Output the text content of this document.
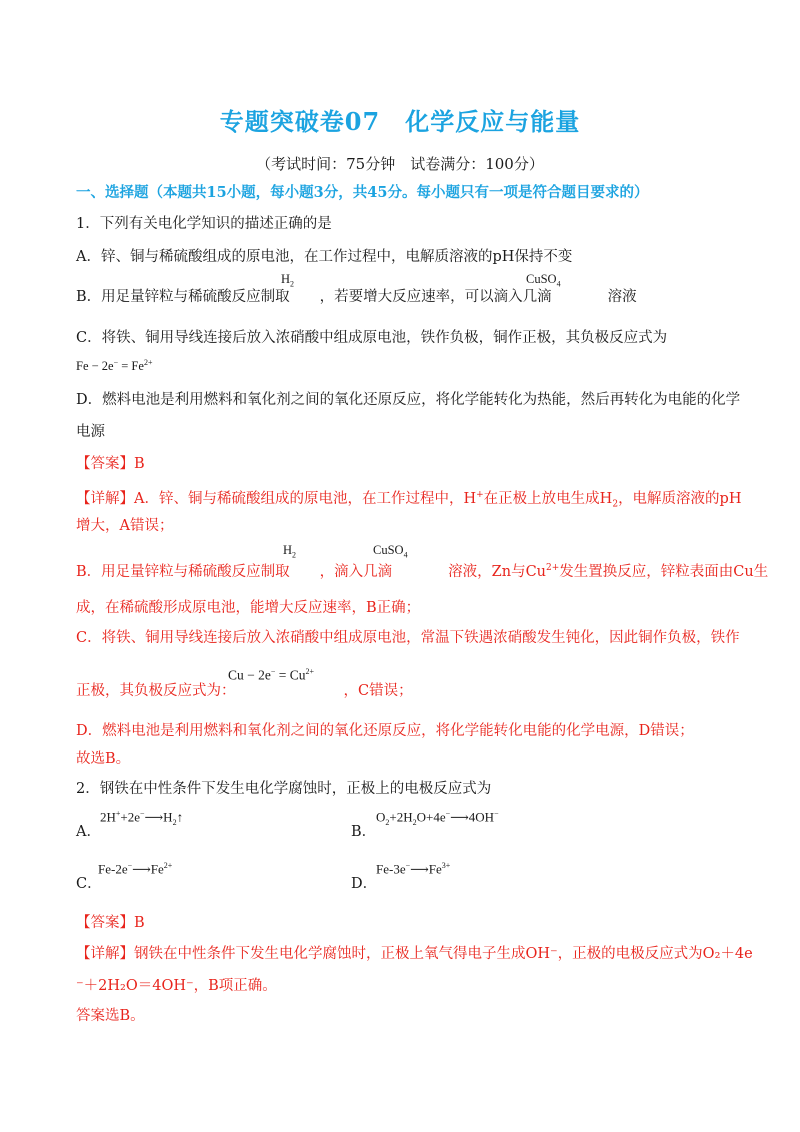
专题突破卷07　化学反应与能量
（考试时间：75分钟　试卷满分：100分）
一、选择题（本题共15小题，每小题3分，共45分。每小题只有一项是符合题目要求的）
1．下列有关电化学知识的描述正确的是
A．锌、铜与稀硫酸组成的原电池，在工作过程中，电解质溶液的pH保持不变
B．用足量锌粒与稀硫酸反应制取 ，若要增大反应速率，可以滴入几滴	溶液
$H_2$	CuSO$_4$
C．将铁、铜用导线连接后放入浓硝酸中组成原电池，铁作负极，铜作正极，其负极反应式为
$Fe - 2e^- = Fe^{2+}$
D．燃料电池是利用燃料和氧化剂之间的氧化还原反应，将化学能转化为热能，然后再转化为电能的化学
电源
【答案】B
【详解】A．锌、铜与稀硫酸组成的原电池，在工作过程中，H+在正极上放电生成$H_2$，电解质溶液的pH
增大，A错误；
B．用足量锌粒与稀硫酸反应制取 ，滴入几滴	溶液，Zn与$Cu^{2+}$发生置换反应，锌粒表面由Cu生
$H_2$	CuSO$_4$
成，在稀硫酸形成原电池，能增大反应速率，B正确；
C．将铁、铜用导线连接后放入浓硝酸中组成原电池，常温下铁遇浓硝酸发生钝化，因此铜作负极，铁作
正极，其负极反应式为：	，C错误；
$Cu - 2e^- = Cu^{2+}$
D．燃料电池是利用燃料和氧化剂之间的氧化还原反应，将化学能转化电能的化学电源，D错误；
故选B。
2．钢铁在中性条件下发生电化学腐蚀时，正极上的电极反应式为
A．
$2H^++2e^-⟶H_2↑$
B．
$O_2+2H_2O+4e^-⟶4OH^-$
C．
$Fe-2e^-⟶Fe^{2+}$
D．
$Fe-3e^-⟶Fe^{3+}$
【答案】B
【详解】钢铁在中性条件下发生电化学腐蚀时，正极上氧气得电子生成OH⁻，正极的电极反应式为O₂＋4e
⁻＋2H₂O＝4OH⁻，B项正确。
答案选B。
